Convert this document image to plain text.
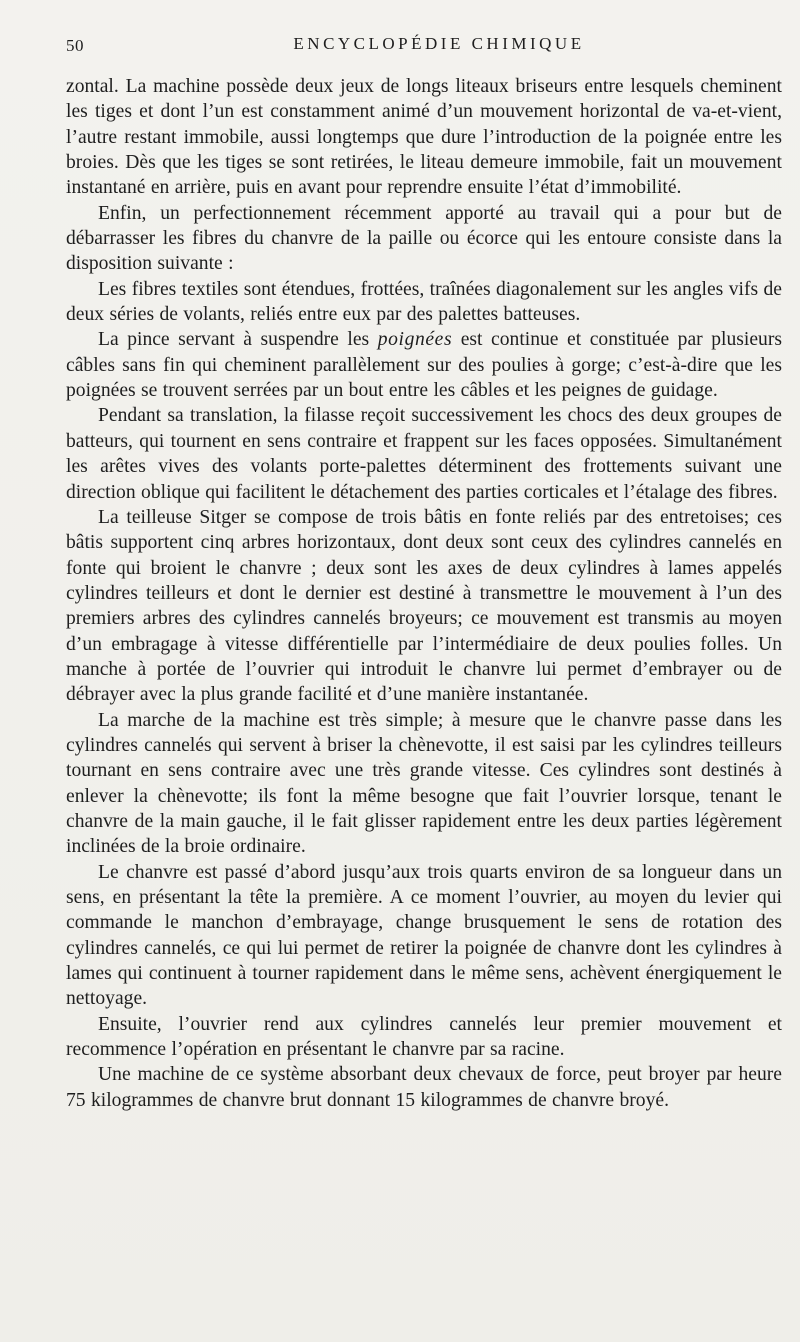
50	ENCYCLOPÉDIE CHIMIQUE

zontal. La machine possède deux jeux de longs liteaux briseurs entre lesquels cheminent les tiges et dont l’un est constamment animé d’un mouvement horizontal de va-et-vient, l’autre restant immobile, aussi longtemps que dure l’introduction de la poignée entre les broies. Dès que les tiges se sont retirées, le liteau demeure immobile, fait un mouvement instantané en arrière, puis en avant pour reprendre ensuite l’état d’immobilité.

Enfin, un perfectionnement récemment apporté au travail qui a pour but de débarrasser les fibres du chanvre de la paille ou écorce qui les entoure consiste dans la disposition suivante :

Les fibres textiles sont étendues, frottées, traînées diagonalement sur les angles vifs de deux séries de volants, reliés entre eux par des palettes batteuses.

La pince servant à suspendre les poignées est continue et constituée par plusieurs câbles sans fin qui cheminent parallèlement sur des poulies à gorge; c’est-à-dire que les poignées se trouvent serrées par un bout entre les câbles et les peignes de guidage.

Pendant sa translation, la filasse reçoit successivement les chocs des deux groupes de batteurs, qui tournent en sens contraire et frappent sur les faces opposées. Simultanément les arêtes vives des volants porte-palettes déterminent des frottements suivant une direction oblique qui facilitent le détachement des parties corticales et l’étalage des fibres.

La teilleuse Sitger se compose de trois bâtis en fonte reliés par des entretoises; ces bâtis supportent cinq arbres horizontaux, dont deux sont ceux des cylindres cannelés en fonte qui broient le chanvre ; deux sont les axes de deux cylindres à lames appelés cylindres teilleurs et dont le dernier est destiné à transmettre le mouvement à l’un des premiers arbres des cylindres cannelés broyeurs; ce mouvement est transmis au moyen d’un embragage à vitesse différentielle par l’intermédiaire de deux poulies folles. Un manche à portée de l’ouvrier qui introduit le chanvre lui permet d’embrayer ou de débrayer avec la plus grande facilité et d’une manière instantanée.

La marche de la machine est très simple; à mesure que le chanvre passe dans les cylindres cannelés qui servent à briser la chènevotte, il est saisi par les cylindres teilleurs tournant en sens contraire avec une très grande vitesse. Ces cylindres sont destinés à enlever la chènevotte; ils font la même besogne que fait l’ouvrier lorsque, tenant le chanvre de la main gauche, il le fait glisser rapidement entre les deux parties légèrement inclinées de la broie ordinaire.

Le chanvre est passé d’abord jusqu’aux trois quarts environ de sa longueur dans un sens, en présentant la tête la première. A ce moment l’ouvrier, au moyen du levier qui commande le manchon d’embrayage, change brusquement le sens de rotation des cylindres cannelés, ce qui lui permet de retirer la poignée de chanvre dont les cylindres à lames qui continuent à tourner rapidement dans le même sens, achèvent énergiquement le nettoyage.

Ensuite, l’ouvrier rend aux cylindres cannelés leur premier mouvement et recommence l’opération en présentant le chanvre par sa racine.

Une machine de ce système absorbant deux chevaux de force, peut broyer par heure 75 kilogrammes de chanvre brut donnant 15 kilogrammes de chanvre broyé.
